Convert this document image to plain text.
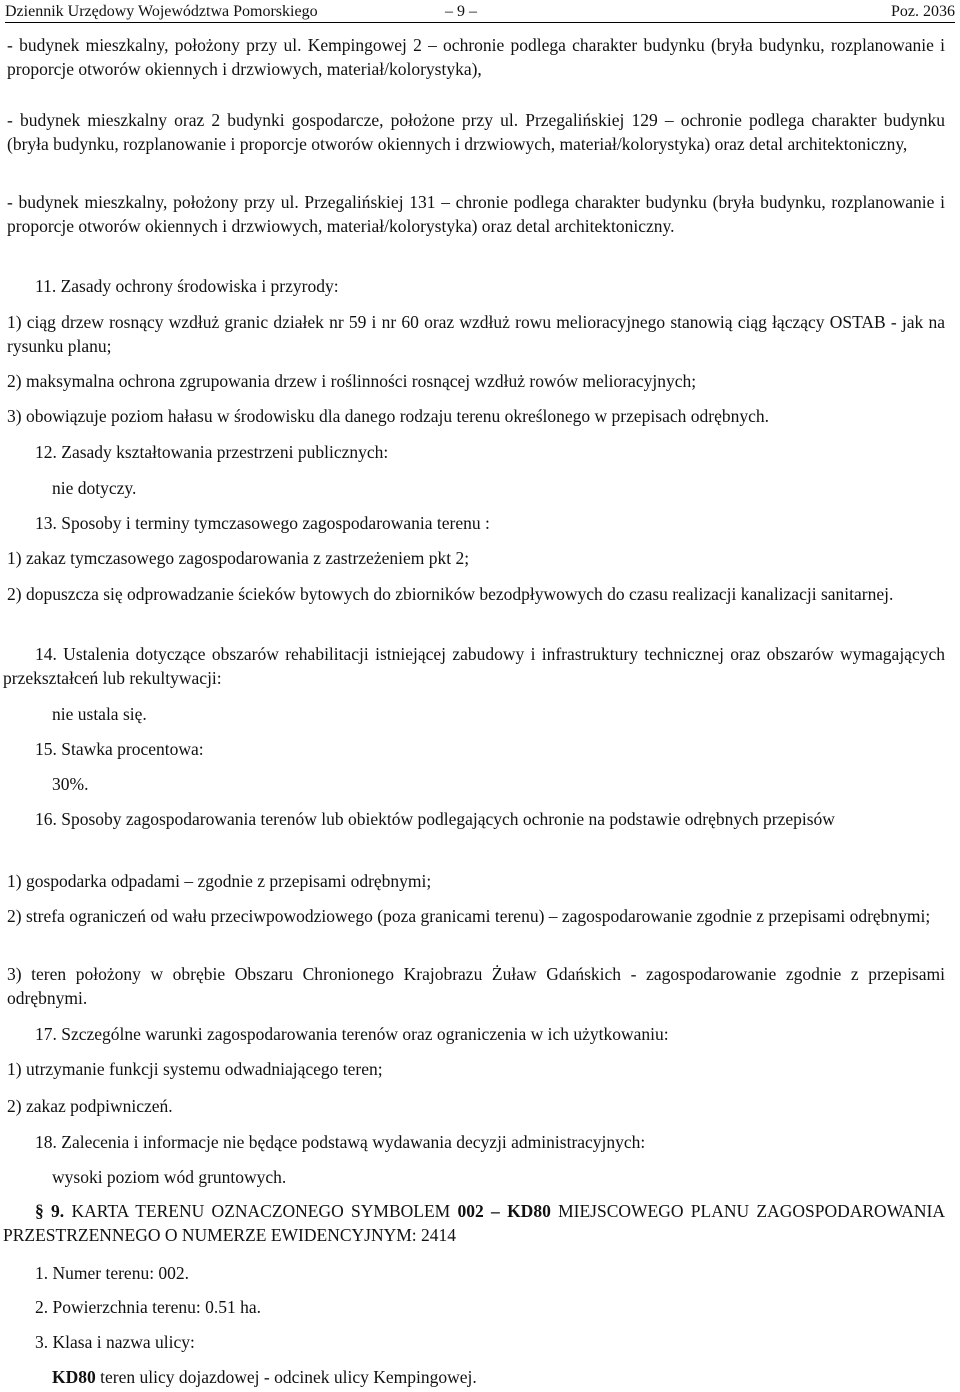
Dziennik Urzędowy Województwa Pomorskiego	– 9 –	Poz. 2036
- budynek mieszkalny, położony przy ul. Kempingowej 2 – ochronie podlega charakter budynku (bryła budynku, rozplanowanie i proporcje otworów okiennych i drzwiowych, materiał/kolorystyka),
- budynek mieszkalny oraz 2 budynki gospodarcze, położone przy ul. Przegalińskiej 129 – ochronie podlega charakter budynku (bryła budynku, rozplanowanie i proporcje otworów okiennych i drzwiowych, materiał/kolorystyka) oraz detal architektoniczny,
- budynek mieszkalny, położony przy ul. Przegalińskiej 131 – chronie podlega charakter budynku (bryła budynku, rozplanowanie i proporcje otworów okiennych i drzwiowych, materiał/kolorystyka) oraz detal architektoniczny.
11. Zasady ochrony środowiska i przyrody:
1) ciąg drzew rosnący wzdłuż granic działek nr 59 i nr 60 oraz wzdłuż rowu melioracyjnego stanowią ciąg łączący OSTAB - jak na rysunku planu;
2) maksymalna ochrona zgrupowania drzew i roślinności rosnącej wzdłuż rowów melioracyjnych;
3) obowiązuje poziom hałasu w środowisku dla danego rodzaju terenu określonego w przepisach odrębnych.
12. Zasady kształtowania przestrzeni publicznych:
nie dotyczy.
13. Sposoby i terminy tymczasowego zagospodarowania terenu :
1) zakaz tymczasowego zagospodarowania z zastrzeżeniem pkt 2;
2) dopuszcza się odprowadzanie ścieków bytowych do zbiorników bezodpływowych do czasu realizacji kanalizacji sanitarnej.
14. Ustalenia dotyczące obszarów rehabilitacji istniejącej zabudowy i infrastruktury technicznej oraz obszarów wymagających przekształceń lub rekultywacji:
nie ustala się.
15. Stawka procentowa:
30%.
16. Sposoby zagospodarowania terenów lub obiektów podlegających ochronie na podstawie odrębnych przepisów
1) gospodarka odpadami – zgodnie z przepisami odrębnymi;
2) strefa ograniczeń od wału przeciwpowodziowego (poza granicami terenu) – zagospodarowanie zgodnie z przepisami odrębnymi;
3) teren położony w obrębie Obszaru Chronionego Krajobrazu Żuław Gdańskich - zagospodarowanie zgodnie z przepisami odrębnymi.
17. Szczególne warunki zagospodarowania terenów oraz ograniczenia w ich użytkowaniu:
1) utrzymanie funkcji systemu odwadniającego teren;
2) zakaz podpiwniczeń.
18. Zalecenia i informacje nie będące podstawą wydawania decyzji administracyjnych:
wysoki poziom wód gruntowych.
§ 9. KARTA TERENU OZNACZONEGO SYMBOLEM 002 – KD80 MIEJSCOWEGO PLANU ZAGOSPODAROWANIA PRZESTRZENNEGO O NUMERZE EWIDENCYJNYM: 2414
1. Numer terenu: 002.
2. Powierzchnia terenu: 0.51 ha.
3. Klasa i nazwa ulicy:
KD80 teren ulicy dojazdowej - odcinek ulicy Kempingowej.
